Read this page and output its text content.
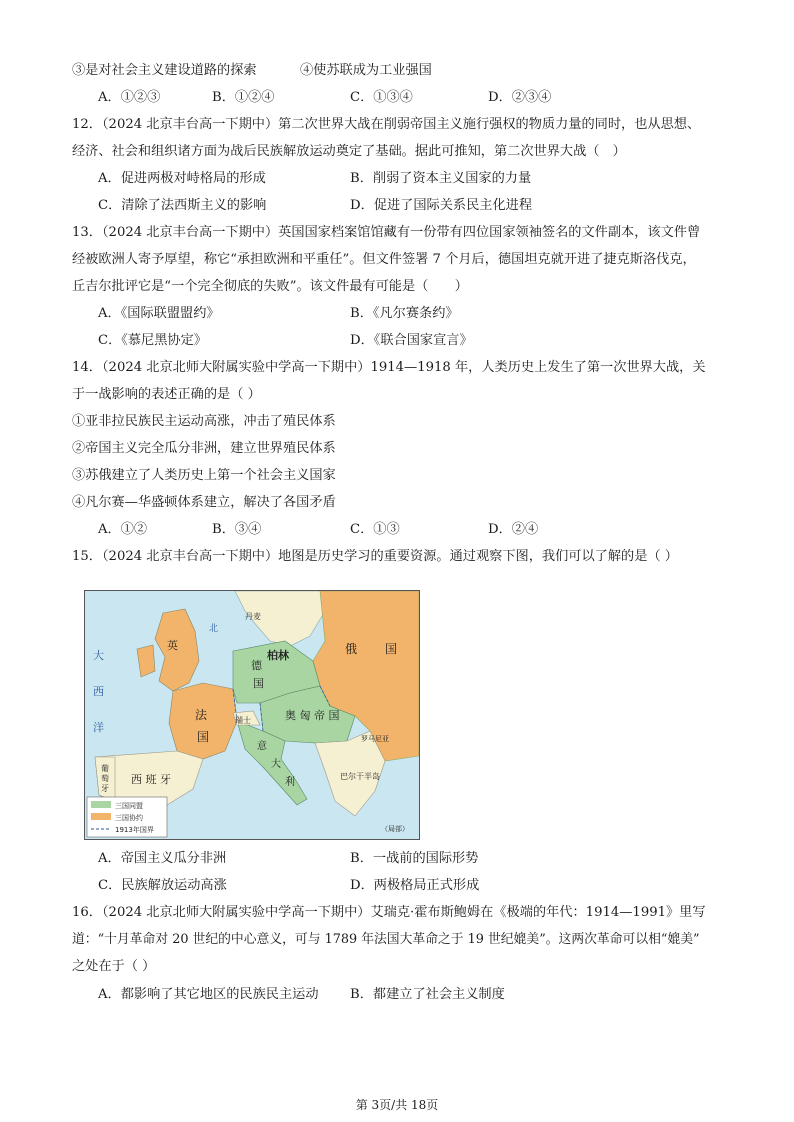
③是对社会主义建设道路的探索	④使苏联成为工业强国
A．①②③	B．①②④	C．①③④	D．②③④
12．（2024 北京丰台高一下期中）第二次世界大战在削弱帝国主义施行强权的物质力量的同时，也从思想、
经济、社会和组织诸方面为战后民族解放运动奠定了基础。据此可推知，第二次世界大战（　）
A．促进两极对峙格局的形成	B．削弱了资本主义国家的力量
C．清除了法西斯主义的影响	D．促进了国际关系民主化进程
13．（2024 北京丰台高一下期中）英国国家档案馆馆藏有一份带有四位国家领袖签名的文件副本，该文件曾
经被欧洲人寄予厚望，称它“承担欧洲和平重任”。但文件签署 7 个月后，德国坦克就开进了捷克斯洛伐克，
丘吉尔批评它是“一个完全彻底的失败”。该文件最有可能是（　　）
A．《国际联盟盟约》	B．《凡尔赛条约》
C．《慕尼黑协定》	D．《联合国家宣言》
14．（2024 北京北师大附属实验中学高一下期中）1914—1918 年，人类历史上发生了第一次世界大战，关
于一战影响的表述正确的是（ ）
①亚非拉民族民主运动高涨，冲击了殖民体系
②帝国主义完全瓜分非洲，建立世界殖民体系
③苏俄建立了人类历史上第一个社会主义国家
④凡尔赛—华盛顿体系建立，解决了各国矛盾
A．①②	B．③④	C．①③	D．②④
15．（2024 北京丰台高一下期中）地图是历史学习的重要资源。通过观察下图，我们可以了解的是（ ）
大
西
洋
北
英
法
国
德
国
柏林
奥 匈 帝 国
俄 国
意
大
利
瑞士
丹麦
西 班 牙
葡
萄
牙
罗马尼亚
巴尔干半岛
（局部）
三国同盟
三国协约
1913年国界
A．帝国主义瓜分非洲	B．一战前的国际形势
C．民族解放运动高涨	D．两极格局正式形成
16．（2024 北京北师大附属实验中学高一下期中）艾瑞克·霍布斯鲍姆在《极端的年代：1914—1991》里写
道：“十月革命对 20 世纪的中心意义，可与 1789 年法国大革命之于 19 世纪媲美”。这两次革命可以相“媲美”
之处在于（ ）
A．都影响了其它地区的民族民主运动 B．都建立了社会主义制度
第 3页/共 18页
